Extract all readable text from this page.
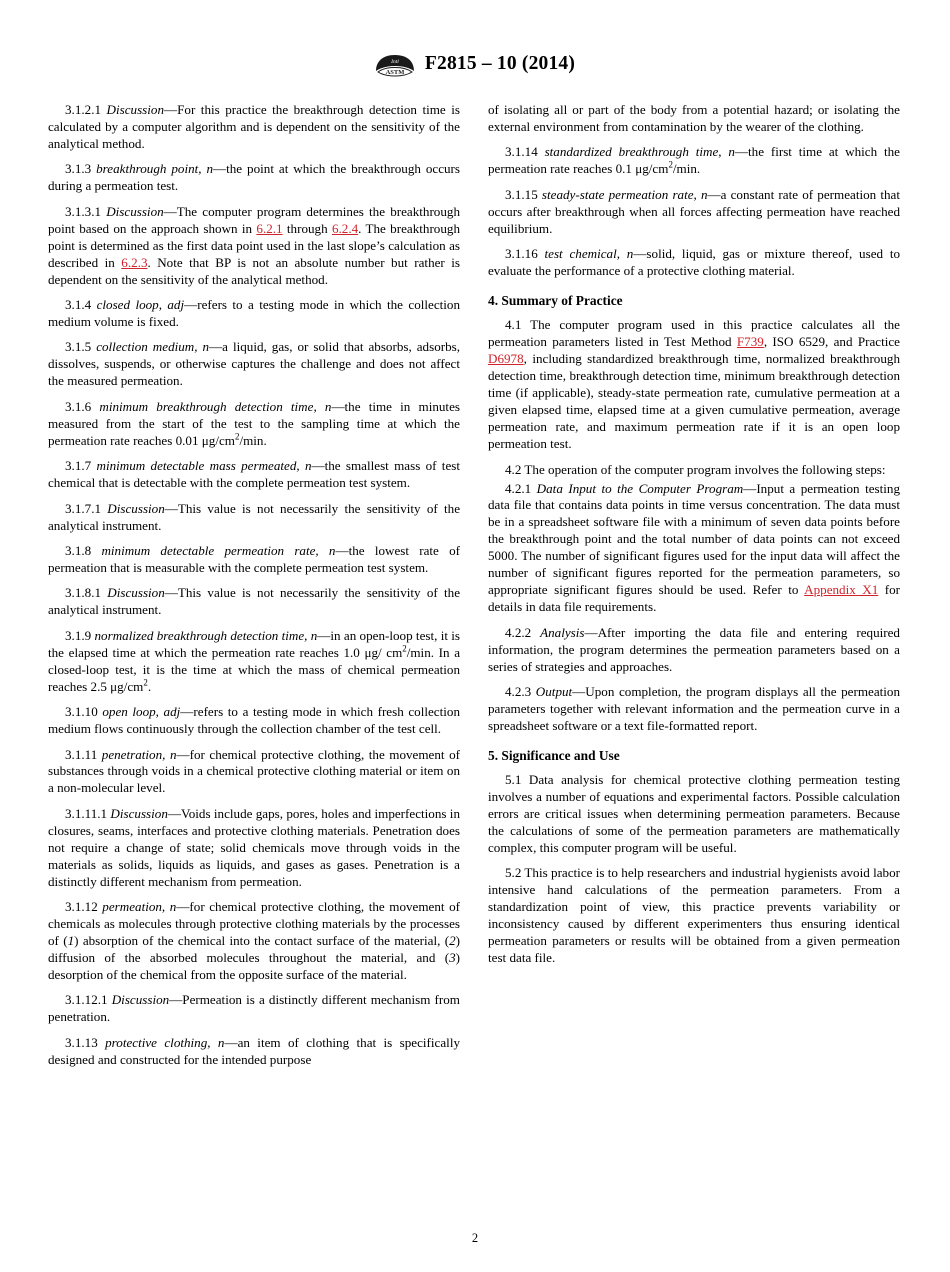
ASTM
Intl F2815 – 10 (2014)

3.1.2.1 Discussion—For this practice the breakthrough detection time is calculated by a computer algorithm and is dependent on the sensitivity of the analytical method.

3.1.3 breakthrough point, n—the point at which the breakthrough occurs during a permeation test.

3.1.3.1 Discussion—The computer program determines the breakthrough point based on the approach shown in 6.2.1 through 6.2.4. The breakthrough point is determined as the first data point used in the last slope’s calculation as described in 6.2.3. Note that BP is not an absolute number but rather is dependent on the sensitivity of the analytical method.

3.1.4 closed loop, adj—refers to a testing mode in which the collection medium volume is fixed.

3.1.5 collection medium, n—a liquid, gas, or solid that absorbs, adsorbs, dissolves, suspends, or otherwise captures the challenge and does not affect the measured permeation.

3.1.6 minimum breakthrough detection time, n—the time in minutes measured from the start of the test to the sampling time at which the permeation rate reaches 0.01 $\mu g/cm^2/\min$.

3.1.7 minimum detectable mass permeated, n—the smallest mass of test chemical that is detectable with the complete permeation test system.

3.1.7.1 Discussion—This value is not necessarily the sensitivity of the analytical instrument.

3.1.8 minimum detectable permeation rate, n—the lowest rate of permeation that is measurable with the complete permeation test system.

3.1.8.1 Discussion—This value is not necessarily the sensitivity of the analytical instrument.

3.1.9 normalized breakthrough detection time, n—in an open-loop test, it is the elapsed time at which the permeation rate reaches 1.0 μg/ $cm^2/\min$. In a closed-loop test, it is the time at which the mass of chemical permeation reaches 2.5 $\mu g/cm^2$.

3.1.10 open loop, adj—refers to a testing mode in which fresh collection medium flows continuously through the collection chamber of the test cell.

3.1.11 penetration, n—for chemical protective clothing, the movement of substances through voids in a chemical protective clothing material or item on a non-molecular level.

3.1.11.1 Discussion—Voids include gaps, pores, holes and imperfections in closures, seams, interfaces and protective clothing materials. Penetration does not require a change of state; solid chemicals move through voids in the materials as solids, liquids as liquids, and gases as gases. Penetration is a distinctly different mechanism from permeation.

3.1.12 permeation, n—for chemical protective clothing, the movement of chemicals as molecules through protective clothing materials by the processes of (1) absorption of the chemical into the contact surface of the material, (2) diffusion of the absorbed molecules throughout the material, and (3) desorption of the chemical from the opposite surface of the material.

3.1.12.1 Discussion—Permeation is a distinctly different mechanism from penetration.

3.1.13 protective clothing, n—an item of clothing that is specifically designed and constructed for the intended purpose

of isolating all or part of the body from a potential hazard; or isolating the external environment from contamination by the wearer of the clothing.

3.1.14 standardized breakthrough time, n—the first time at which the permeation rate reaches 0.1 $\mu g/cm^2/\min$.

3.1.15 steady-state permeation rate, n—a constant rate of permeation that occurs after breakthrough when all forces affecting permeation have reached equilibrium.

3.1.16 test chemical, n—solid, liquid, gas or mixture thereof, used to evaluate the performance of a protective clothing material.

4. Summary of Practice

4.1 The computer program used in this practice calculates all the permeation parameters listed in Test Method F739, ISO 6529, and Practice D6978, including standardized breakthrough time, normalized breakthrough detection time, breakthrough detection time, minimum breakthrough detection time (if applicable), steady-state permeation rate, cumulative permeation at a given elapsed time, elapsed time at a given cumulative permeation, average permeation rate, and maximum permeation rate if it is an open loop permeation test.

4.2 The operation of the computer program involves the following steps:

4.2.1 Data Input to the Computer Program—Input a permeation testing data file that contains data points in time versus concentration. The data must be in a spreadsheet software file with a minimum of seven data points before the breakthrough point and the total number of data points can not exceed 5000. The number of significant figures used for the input data will affect the number of significant figures reported for the permeation parameters, so appropriate significant figures should be used. Refer to Appendix X1 for details in data file requirements.

4.2.2 Analysis—After importing the data file and entering required information, the program determines the permeation parameters based on a series of strategies and approaches.

4.2.3 Output—Upon completion, the program displays all the permeation parameters together with relevant information and the permeation curve in a spreadsheet software or a text file-formatted report.

5. Significance and Use

5.1 Data analysis for chemical protective clothing permeation testing involves a number of equations and experimental factors. Possible calculation errors are critical issues when determining permeation parameters. Because the calculations of some of the permeation parameters are mathematically complex, this computer program will be useful.

5.2 This practice is to help researchers and industrial hygienists avoid labor intensive hand calculations of the permeation parameters. From a standardization point of view, this practice prevents variability or inconsistency caused by different experimenters thus ensuring identical permeation parameters or results will be obtained from a given permeation test data file.

2
